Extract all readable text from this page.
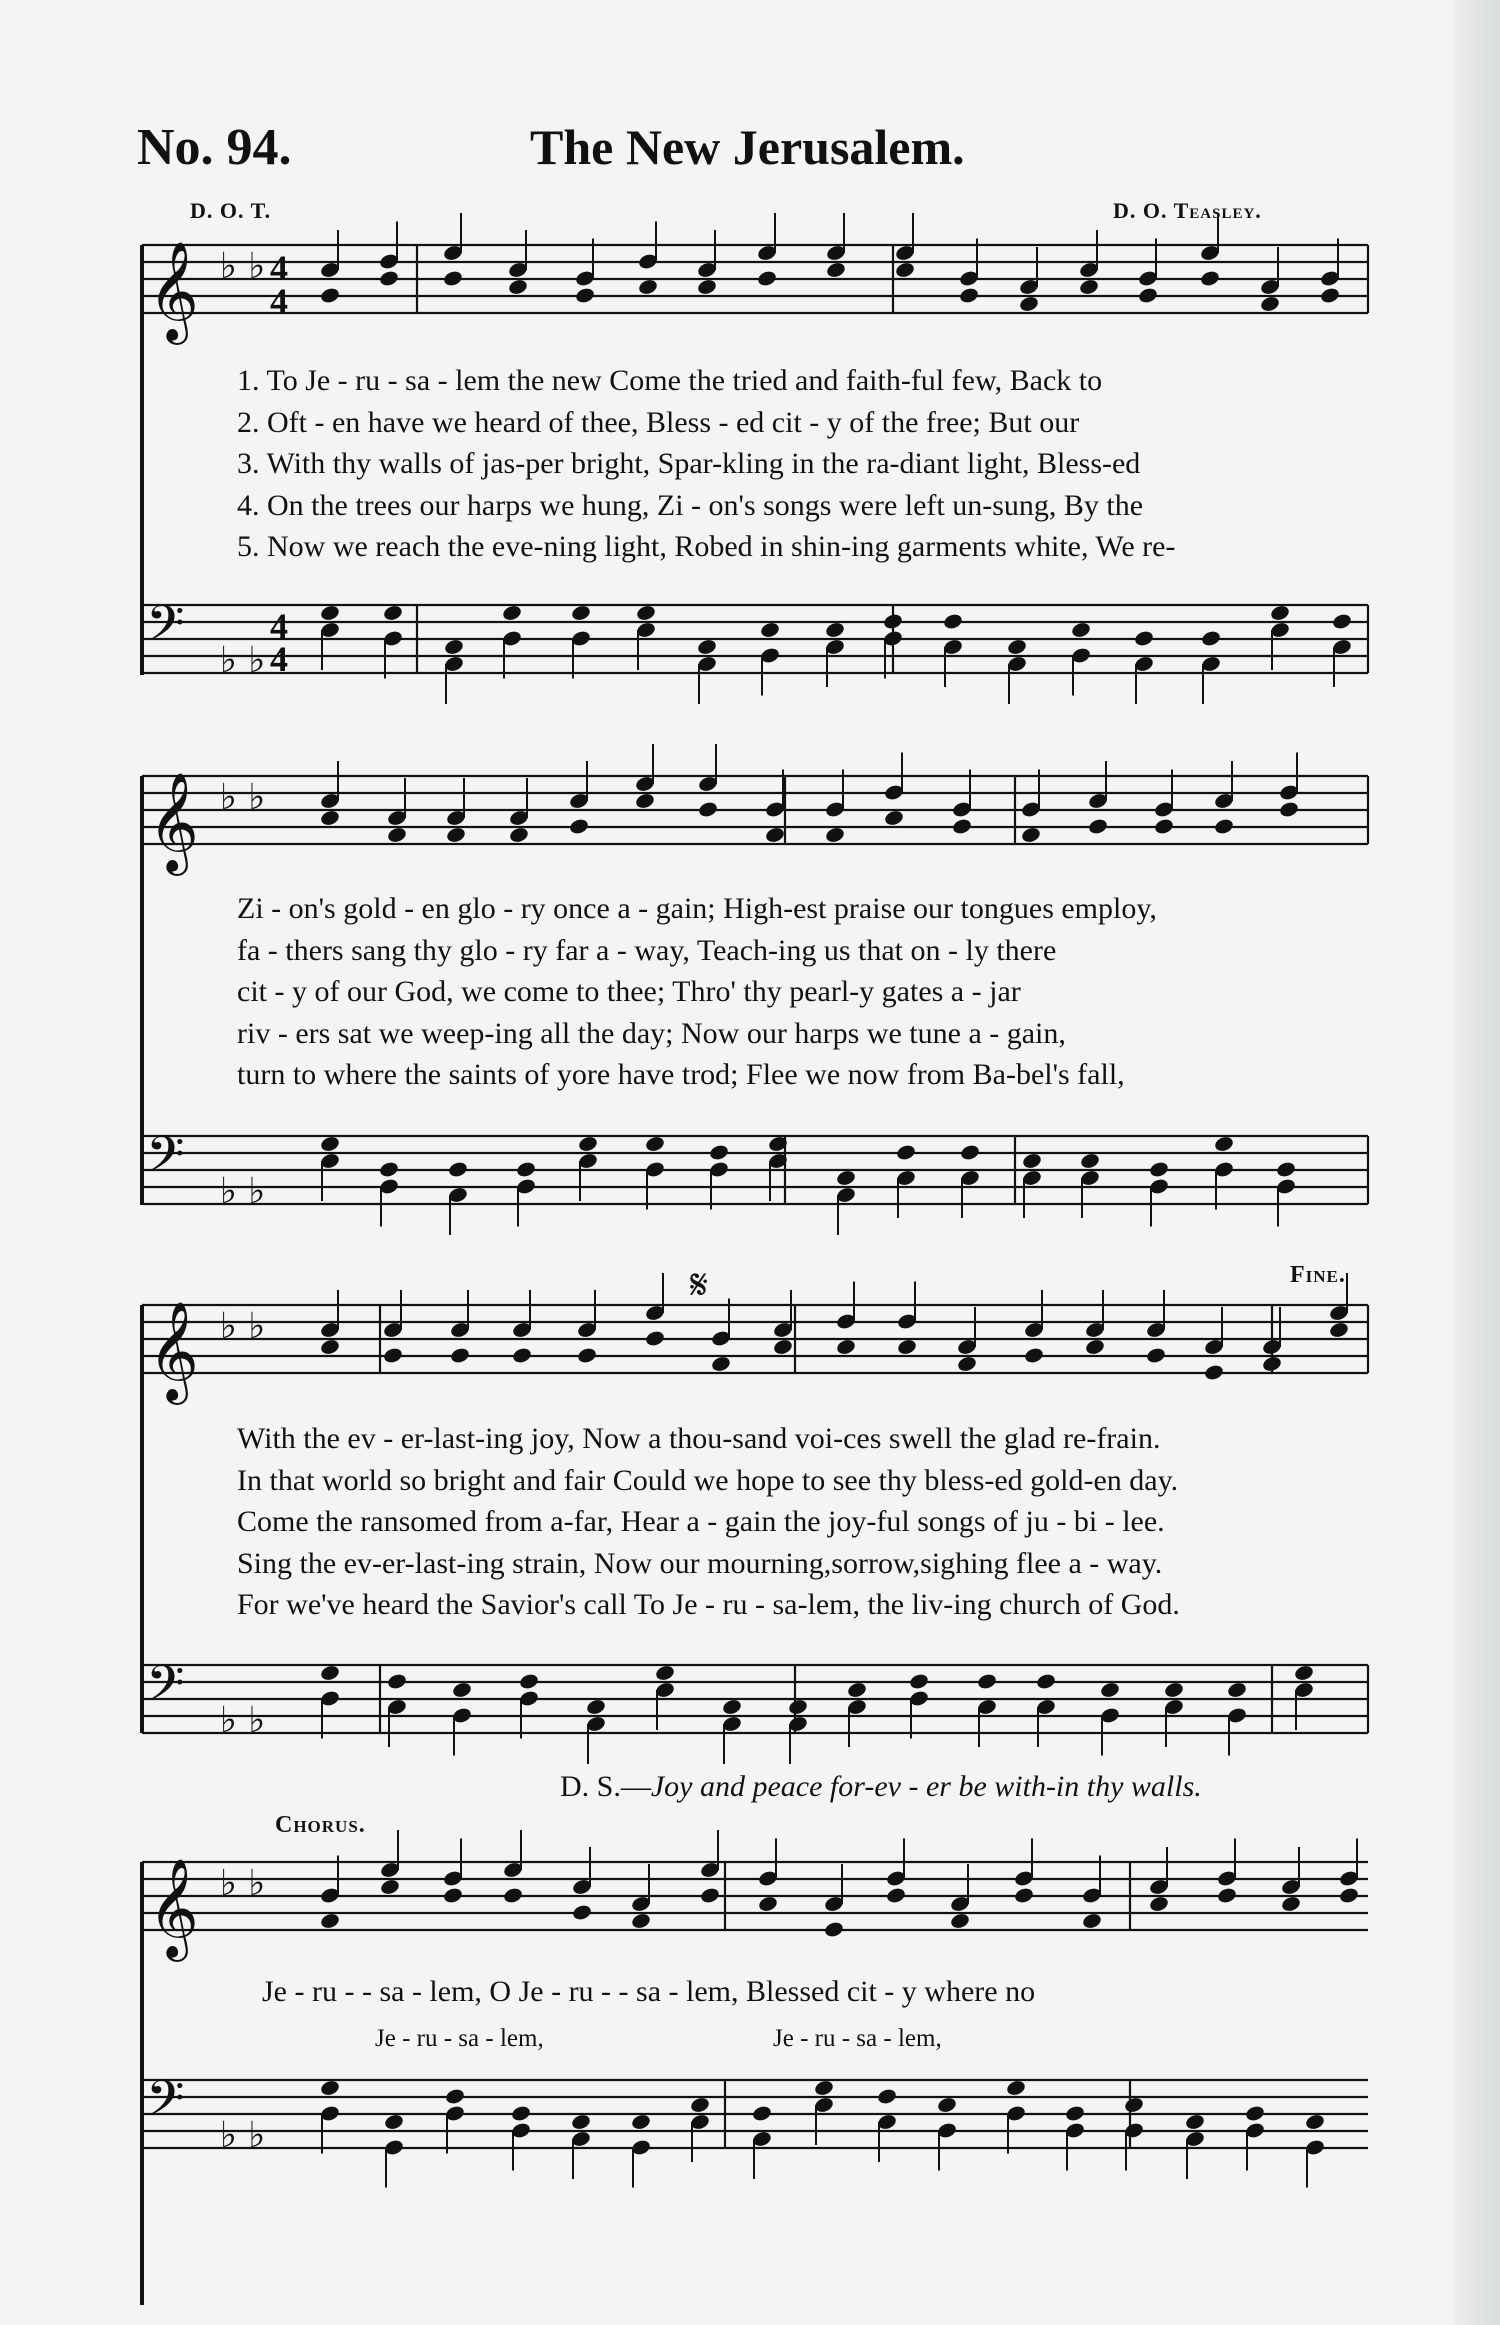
No. 94.	The New Jerusalem.
D. O. T.	D. O. Teasley.
𝄞 ♭ ♭ 4
4
1. To Je - ru - sa - lem the new Come the tried and faith-ful few, Back to
2. Oft - en have we heard of thee, Bless - ed cit - y of the free; But our
3. With thy walls of jas-per bright, Spar-kling in the ra-diant light, Bless-ed
4. On the trees our harps we hung, Zi - on's songs were left un-sung, By the
5. Now we reach the eve-ning light, Robed in shin-ing garments white, We re-
𝄢 ♭ ♭
4
4
𝄞 ♭ ♭
Zi - on's gold - en glo - ry once a - gain; High-est praise our tongues employ,
fa - thers sang thy glo - ry far a - way, Teach-ing us that on - ly there
cit - y of our God, we come to thee; Thro' thy pearl-y gates a - jar
riv - ers sat we weep-ing all the day; Now our harps we tune a - gain,
turn to where the saints of yore have trod; Flee we now from Ba-bel's fall,
𝄢 ♭ ♭
𝄋	Fine.
𝄞 ♭ ♭
With the ev - er-last-ing joy, Now a thou-sand voi-ces swell the glad re-frain.
In that world so bright and fair Could we hope to see thy bless-ed gold-en day.
Come the ransomed from a-far, Hear a - gain the joy-ful songs of ju - bi - lee.
Sing the ev-er-last-ing strain, Now our mourning,sorrow,sighing flee a - way.
For we've heard the Savior's call To Je - ru - sa-lem, the liv-ing church of God.
𝄢 ♭ ♭
D. S.—Joy and peace for-ev - er be with-in thy walls.
Chorus.
𝄞 ♭ ♭
Je - ru - - sa - lem, O Je - ru - - sa - lem, Blessed cit - y where no
Je - ru - sa - lem,	Je - ru - sa - lem,
𝄢 ♭ ♭
